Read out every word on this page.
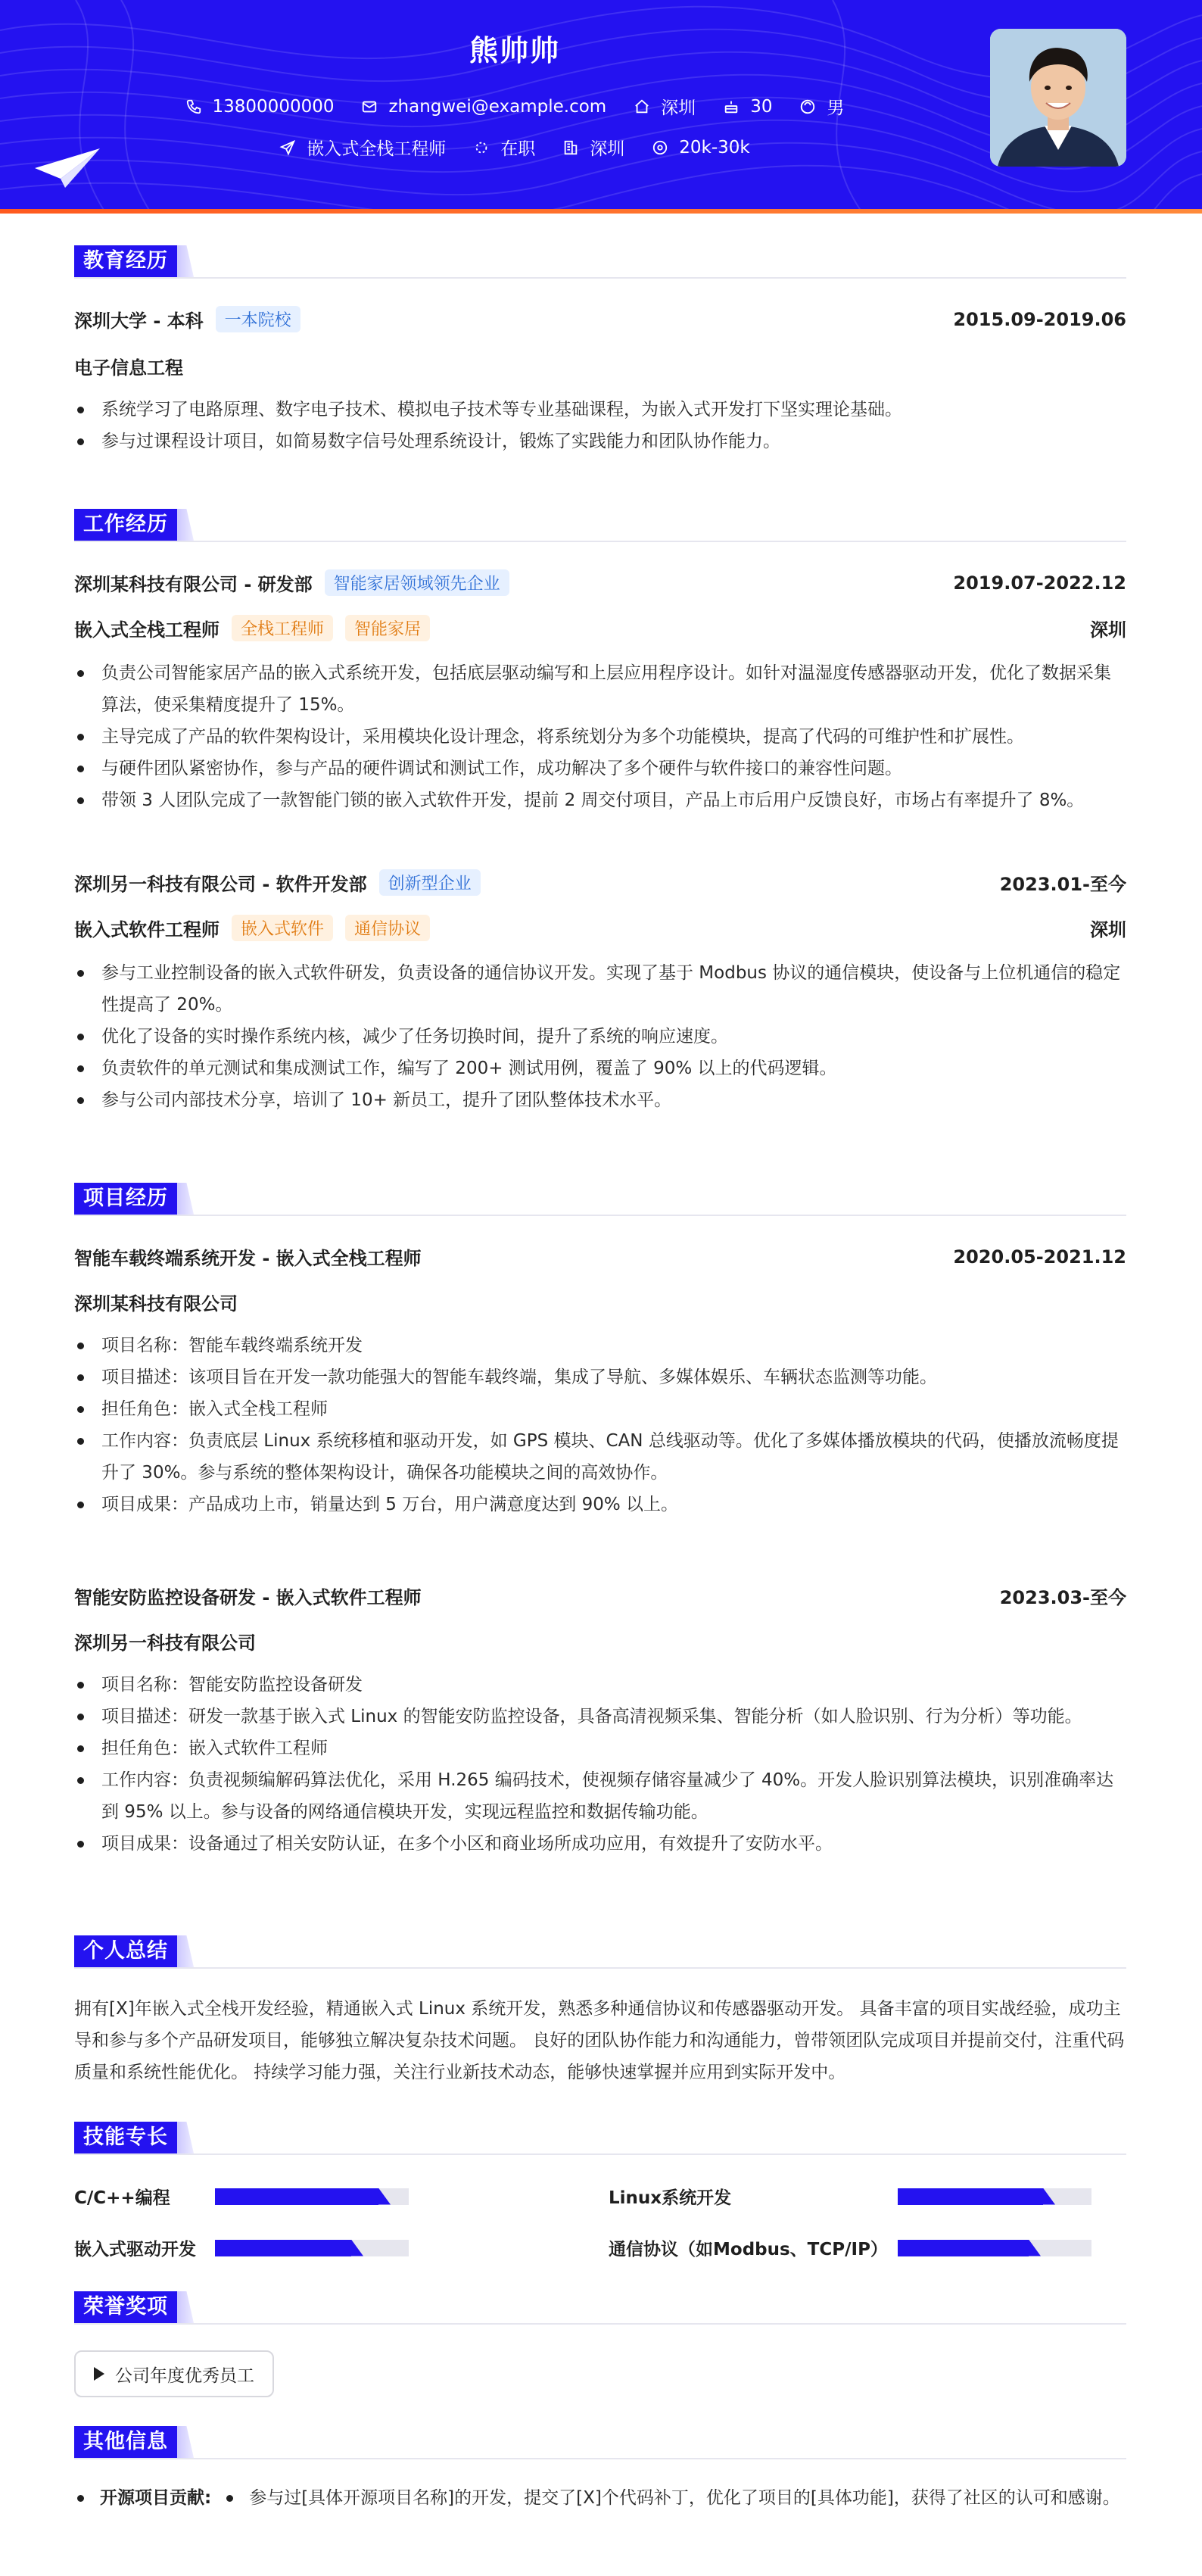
熊帅帅
13800000000	zhangwei@example.com	深圳	30	男
嵌入式全栈工程师	在职	深圳	20k-30k
教育经历
深圳大学 - 本科	一本院校	2015.09-2019.06
电子信息工程
系统学习了电路原理、数字电子技术、模拟电子技术等专业基础课程，为嵌入式开发打下坚实理论基础。
参与过课程设计项目，如简易数字信号处理系统设计，锻炼了实践能力和团队协作能力。
工作经历
深圳某科技有限公司 - 研发部	智能家居领域领先企业	2019.07-2022.12
嵌入式全栈工程师	全栈工程师	智能家居	深圳
负责公司智能家居产品的嵌入式系统开发，包括底层驱动编写和上层应用程序设计。如针对温湿度传感器驱动开发，优化了数据采集算法，使采集精度提升了 15%。
主导完成了产品的软件架构设计，采用模块化设计理念，将系统划分为多个功能模块，提高了代码的可维护性和扩展性。
与硬件团队紧密协作，参与产品的硬件调试和测试工作，成功解决了多个硬件与软件接口的兼容性问题。
带领 3 人团队完成了一款智能门锁的嵌入式软件开发，提前 2 周交付项目，产品上市后用户反馈良好，市场占有率提升了 8%。
深圳另一科技有限公司 - 软件开发部	创新型企业	2023.01-至今
嵌入式软件工程师	嵌入式软件	通信协议	深圳
参与工业控制设备的嵌入式软件研发，负责设备的通信协议开发。实现了基于 Modbus 协议的通信模块，使设备与上位机通信的稳定性提高了 20%。
优化了设备的实时操作系统内核，减少了任务切换时间，提升了系统的响应速度。
负责软件的单元测试和集成测试工作，编写了 200+ 测试用例，覆盖了 90% 以上的代码逻辑。
参与公司内部技术分享，培训了 10+ 新员工，提升了团队整体技术水平。
项目经历
智能车载终端系统开发 - 嵌入式全栈工程师	2020.05-2021.12
深圳某科技有限公司
项目名称：智能车载终端系统开发
项目描述：该项目旨在开发一款功能强大的智能车载终端，集成了导航、多媒体娱乐、车辆状态监测等功能。
担任角色：嵌入式全栈工程师
工作内容：负责底层 Linux 系统移植和驱动开发，如 GPS 模块、CAN 总线驱动等。优化了多媒体播放模块的代码，使播放流畅度提升了 30%。参与系统的整体架构设计，确保各功能模块之间的高效协作。
项目成果：产品成功上市，销量达到 5 万台，用户满意度达到 90% 以上。
智能安防监控设备研发 - 嵌入式软件工程师	2023.03-至今
深圳另一科技有限公司
项目名称：智能安防监控设备研发
项目描述：研发一款基于嵌入式 Linux 的智能安防监控设备，具备高清视频采集、智能分析（如人脸识别、行为分析）等功能。
担任角色：嵌入式软件工程师
工作内容：负责视频编解码算法优化，采用 H.265 编码技术，使视频存储容量减少了 40%。开发人脸识别算法模块，识别准确率达到 95% 以上。参与设备的网络通信模块开发，实现远程监控和数据传输功能。
项目成果：设备通过了相关安防认证，在多个小区和商业场所成功应用，有效提升了安防水平。
个人总结
拥有[X]年嵌入式全栈开发经验，精通嵌入式 Linux 系统开发，熟悉多种通信协议和传感器驱动开发。 具备丰富的项目实战经验，成功主导和参与多个产品研发项目，能够独立解决复杂技术问题。 良好的团队协作能力和沟通能力，曾带领团队完成项目并提前交付，注重代码质量和系统性能优化。 持续学习能力强，关注行业新技术动态，能够快速掌握并应用到实际开发中。
技能专长
C/C++编程	Linux系统开发
嵌入式驱动开发	通信协议（如Modbus、TCP/IP）
荣誉奖项
公司年度优秀员工
其他信息
开源项目贡献:	参与过[具体开源项目名称]的开发，提交了[X]个代码补丁，优化了项目的[具体功能]，获得了社区的认可和感谢。
